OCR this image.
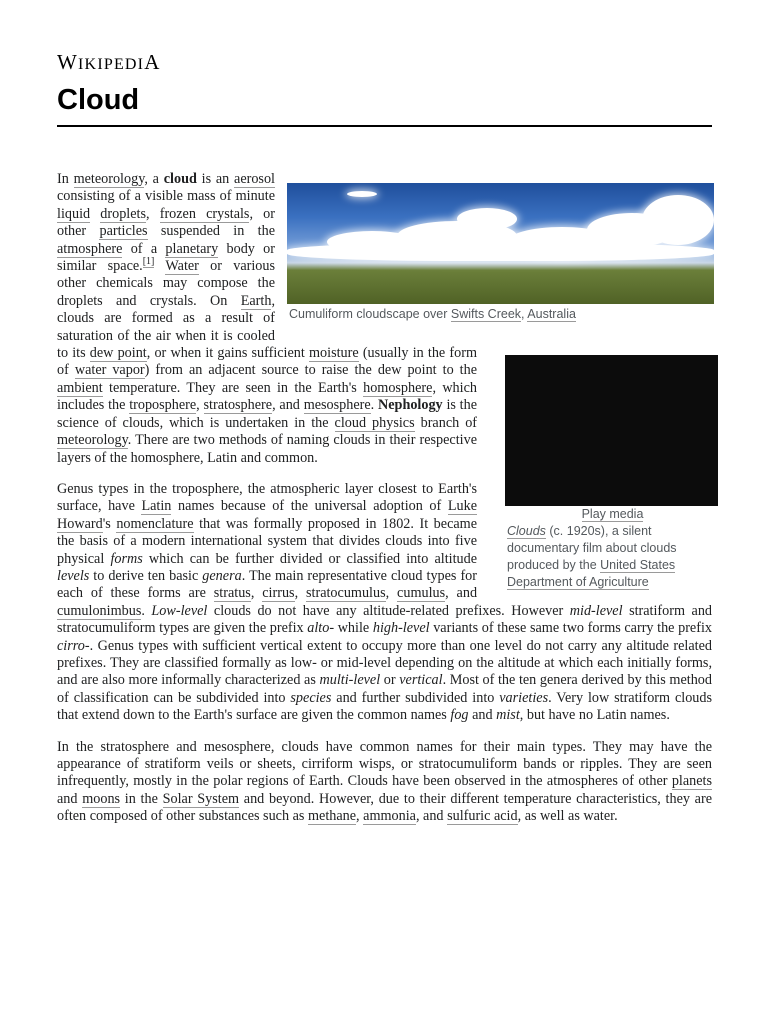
WIKIPEDIA
Cloud
Cumuliform cloudscape over Swifts Creek, Australia

In meteorology, a cloud is an aerosol consisting of a visible mass of minute liquid droplets, frozen crystals, or other particles suspended in the atmosphere of a planetary body or similar space.[1] Water or various other chemicals may compose the droplets and crystals. On Earth, clouds are formed as a result of saturation of the air when it is cooled to its
Play media
Clouds (c. 1920s), a silent documentary film about clouds produced by the United States Department of Agriculture
dew point, or when it gains sufficient moisture (usually in the form of water vapor) from an adjacent source to raise the dew point to the ambient temperature. They are seen in the Earth's homosphere, which includes the troposphere, stratosphere, and mesosphere. Nephology is the science of clouds, which is undertaken in the cloud physics branch of meteorology. There are two methods of naming clouds in their respective layers of the homosphere, Latin and common.

Genus types in the troposphere, the atmospheric layer closest to Earth's surface, have Latin names because of the universal adoption of Luke Howard's nomenclature that was formally proposed in 1802. It became the basis of a modern international system that divides clouds into five physical forms which can be further divided or classified into altitude levels to derive ten basic genera. The main representative cloud types for each of these forms are stratus, cirrus, stratocumulus, cumulus, and cumulonimbus. Low-level clouds do not have any altitude-related prefixes. However mid-level stratiform and stratocumuliform types are given the prefix alto- while high-level variants of these same two forms carry the prefix cirro-. Genus types with sufficient vertical extent to occupy more than one level do not carry any altitude related prefixes. They are classified formally as low- or mid-level depending on the altitude at which each initially forms, and are also more informally characterized as multi-level or vertical. Most of the ten genera derived by this method of classification can be subdivided into species and further subdivided into varieties. Very low stratiform clouds that extend down to the Earth's surface are given the common names fog and mist, but have no Latin names.

In the stratosphere and mesosphere, clouds have common names for their main types. They may have the appearance of stratiform veils or sheets, cirriform wisps, or stratocumuliform bands or ripples. They are seen infrequently, mostly in the polar regions of Earth. Clouds have been observed in the atmospheres of other planets and moons in the Solar System and beyond. However, due to their different temperature characteristics, they are often composed of other substances such as methane, ammonia, and sulfuric acid, as well as water.
